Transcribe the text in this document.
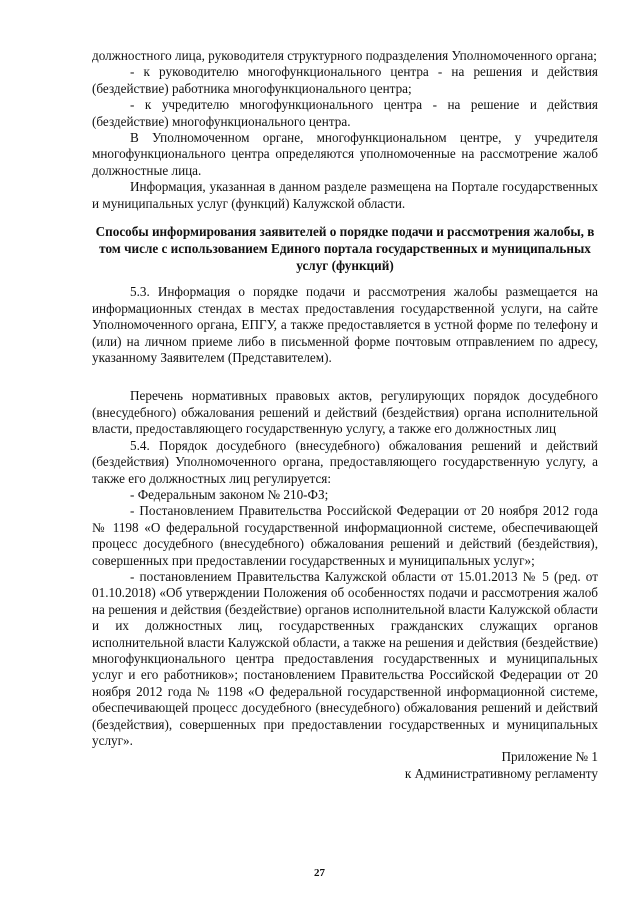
должностного лица, руководителя структурного подразделения Уполномоченного органа;

- к руководителю многофункционального центра - на решения и действия (бездействие) работника многофункционального центра;

- к учредителю многофункционального центра - на решение и действия (бездействие) многофункционального центра.

В Уполномоченном органе, многофункциональном центре, у учредителя многофункционального центра определяются уполномоченные на рассмотрение жалоб должностные лица.

Информация, указанная в данном разделе размещена на Портале государственных и муниципальных услуг (функций) Калужской области.

Способы информирования заявителей о порядке подачи и рассмотрения жалобы, в том числе с использованием Единого портала государственных и муниципальных услуг (функций)

5.3. Информация о порядке подачи и рассмотрения жалобы размещается на информационных стендах в местах предоставления государственной услуги, на сайте Уполномоченного органа, ЕПГУ, а также предоставляется в устной форме по телефону и (или) на личном приеме либо в письменной форме почтовым отправлением по адресу, указанному Заявителем (Представителем).

Перечень нормативных правовых актов, регулирующих порядок досудебного (внесудебного) обжалования решений и действий (бездействия) органа исполнительной власти, предоставляющего государственную услугу, а также его должностных лиц

5.4. Порядок досудебного (внесудебного) обжалования решений и действий (бездействия) Уполномоченного органа, предоставляющего государственную услугу, а также его должностных лиц регулируется:

- Федеральным законом № 210-ФЗ;

- Постановлением Правительства Российской Федерации от 20 ноября 2012 года № 1198 «О федеральной государственной информационной системе, обеспечивающей процесс досудебного (внесудебного) обжалования решений и действий (бездействия), совершенных при предоставлении государственных и муниципальных услуг»;

- постановлением Правительства Калужской области от 15.01.2013 № 5 (ред. от 01.10.2018) «Об утверждении Положения об особенностях подачи и рассмотрения жалоб на решения и действия (бездействие) органов исполнительной власти Калужской области и их должностных лиц, государственных гражданских служащих органов исполнительной власти Калужской области, а также на решения и действия (бездействие) многофункционального центра предоставления государственных и муниципальных услуг и его работников»; постановлением Правительства Российской Федерации от 20 ноября 2012 года № 1198 «О федеральной государственной информационной системе, обеспечивающей процесс досудебного (внесудебного) обжалования решений и действий (бездействия), совершенных при предоставлении государственных и муниципальных услуг».

Приложение № 1

к Административному регламенту

27
